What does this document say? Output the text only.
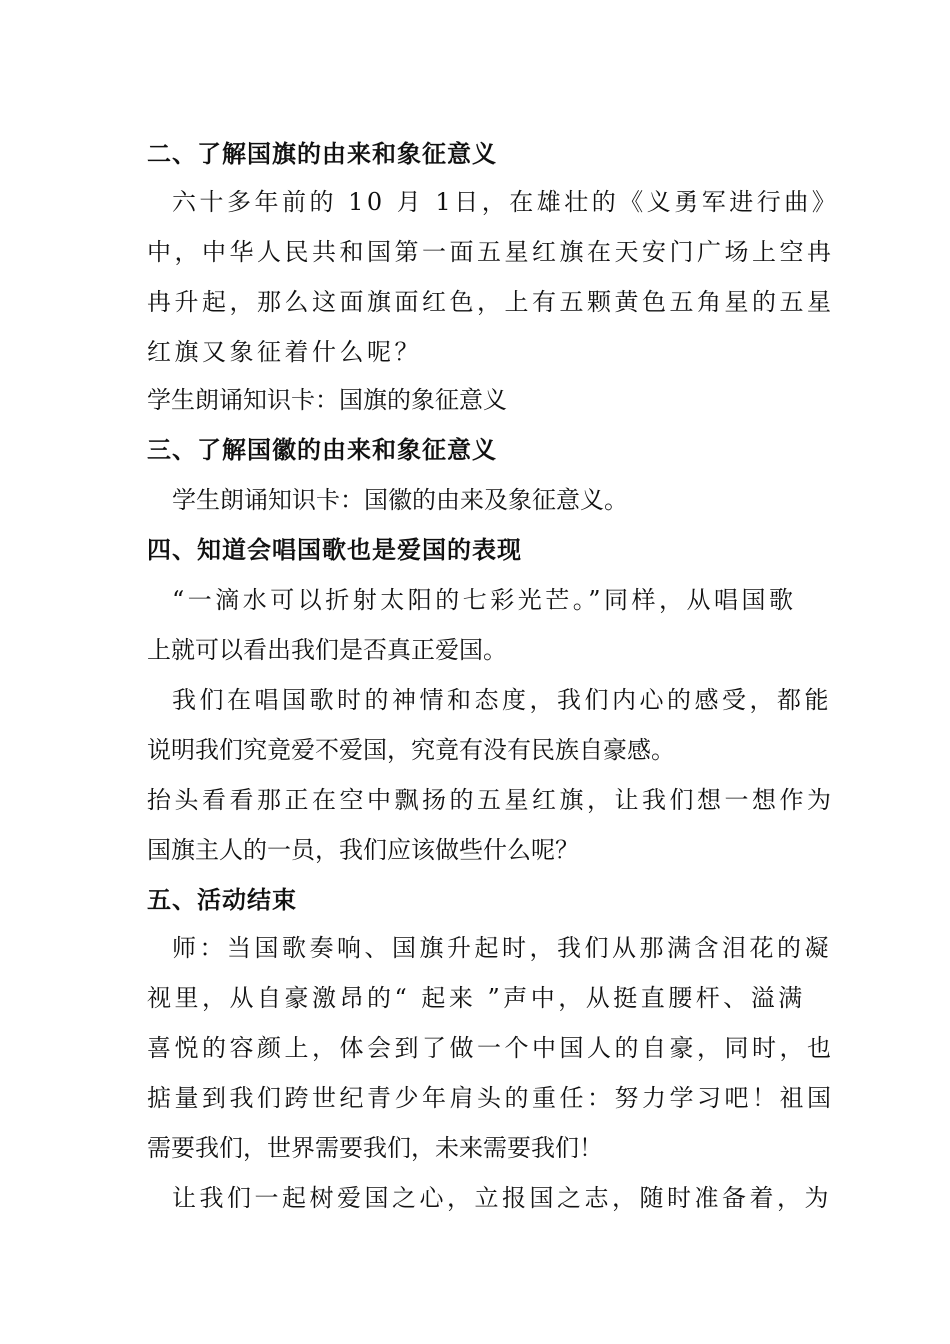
二、了解国旗的由来和象征意义
六十多年前的 10 月 1日，在雄壮的《义勇军进行曲》
中，中华人民共和国第一面五星红旗在天安门广场上空冉
冉升起，那么这面旗面红色，上有五颗黄色五角星的五星
红旗又象征着什么呢？
学生朗诵知识卡：国旗的象征意义
三、了解国徽的由来和象征意义
学生朗诵知识卡：国徽的由来及象征意义。
四、知道会唱国歌也是爱国的表现
“一滴水可以折射太阳的七彩光芒。”同样，从唱国歌
上就可以看出我们是否真正爱国。
我们在唱国歌时的神情和态度，我们内心的感受，都能
说明我们究竟爱不爱国，究竟有没有民族自豪感。
抬头看看那正在空中飘扬的五星红旗，让我们想一想作为
国旗主人的一员，我们应该做些什么呢？
五、活动结束
师：当国歌奏响、国旗升起时，我们从那满含泪花的凝
视里，从自豪激昂的“ 起来 ”声中，从挺直腰杆、溢满
喜悦的容颜上，体会到了做一个中国人的自豪，同时，也
掂量到我们跨世纪青少年肩头的重任：努力学习吧！祖国
需要我们，世界需要我们，未来需要我们！
让我们一起树爱国之心，立报国之志，随时准备着，为
